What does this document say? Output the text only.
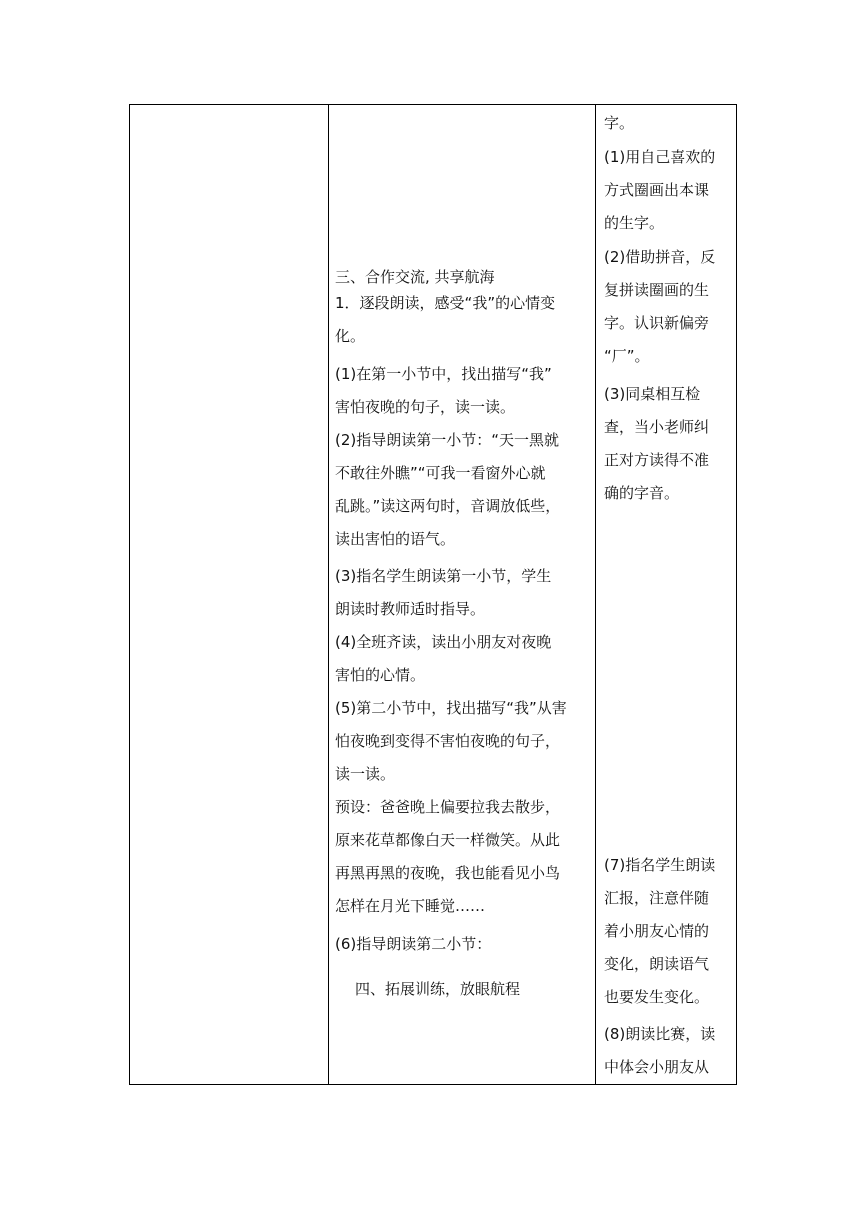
三、合作交流, 共享航海
1．逐段朗读，感受“我”的心情变
化。
(1)在第一小节中，找出描写“我”
害怕夜晚的句子，读一读。
(2)指导朗读第一小节：“天一黑就
不敢往外瞧”“可我一看窗外心就
乱跳。”读这两句时，音调放低些，
读出害怕的语气。
(3)指名学生朗读第一小节，学生
朗读时教师适时指导。
(4)全班齐读，读出小朋友对夜晚
害怕的心情。
(5)第二小节中，找出描写“我”从害
怕夜晚到变得不害怕夜晚的句子，
读一读。
预设：爸爸晚上偏要拉我去散步，
原来花草都像白天一样微笑。从此
再黑再黑的夜晚，我也能看见小鸟
怎样在月光下睡觉……
(6)指导朗读第二小节：
四、拓展训练，放眼航程
字。
(1)用自己喜欢的
方式圈画出本课
的生字。
(2)借助拼音，反
复拼读圈画的生
字。认识新偏旁
“厂”。
(3)同桌相互检
查，当小老师纠
正对方读得不准
确的字音。
(7)指名学生朗读
汇报，注意伴随
着小朋友心情的
变化，朗读语气
也要发生变化。
(8)朗读比赛，读
中体会小朋友从
